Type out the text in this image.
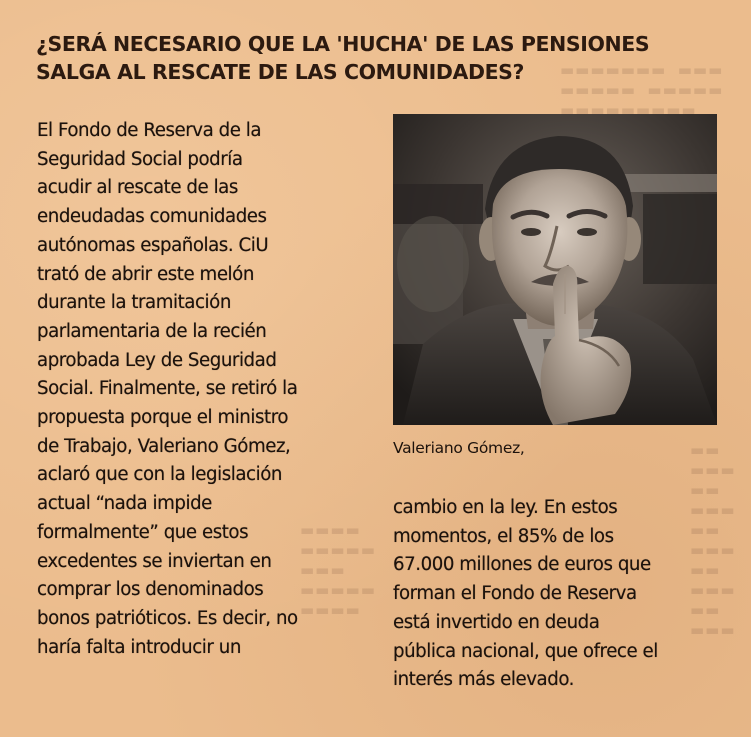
▬▬▬▬▬▬▬  ▬▬▬
▬▬▬▬▬  ▬▬▬▬▬
▬▬▬▬▬▬▬▬▬
▬▬▬▬
▬▬▬▬▬
▬▬▬
▬▬▬▬▬
▬▬▬▬
▬▬
▬▬▬
▬▬
▬▬▬
▬▬
▬▬▬
▬▬
▬▬▬
▬▬
▬▬▬
¿SERÁ NECESARIO QUE LA 'HUCHA' DE LAS PENSIONES
SALGA AL RESCATE DE LAS COMUNIDADES?
El Fondo de Reserva de la
Seguridad Social podría
acudir al rescate de las
endeudadas comunidades
autónomas españolas. CiU
trató de abrir este melón
durante la tramitación
parlamentaria de la recién
aprobada Ley de Seguridad
Social. Finalmente, se retiró la
propuesta porque el ministro
de Trabajo, Valeriano Gómez,
aclaró que con la legislación
actual “nada impide
formalmente” que estos
excedentes se inviertan en
comprar los denominados
bonos patrióticos. Es decir, no
haría falta introducir un

Valeriano Gómez,

cambio en la ley. En estos
momentos, el 85% de los
67.000 millones de euros que
forman el Fondo de Reserva
está invertido en deuda
pública nacional, que ofrece el
interés más elevado.
